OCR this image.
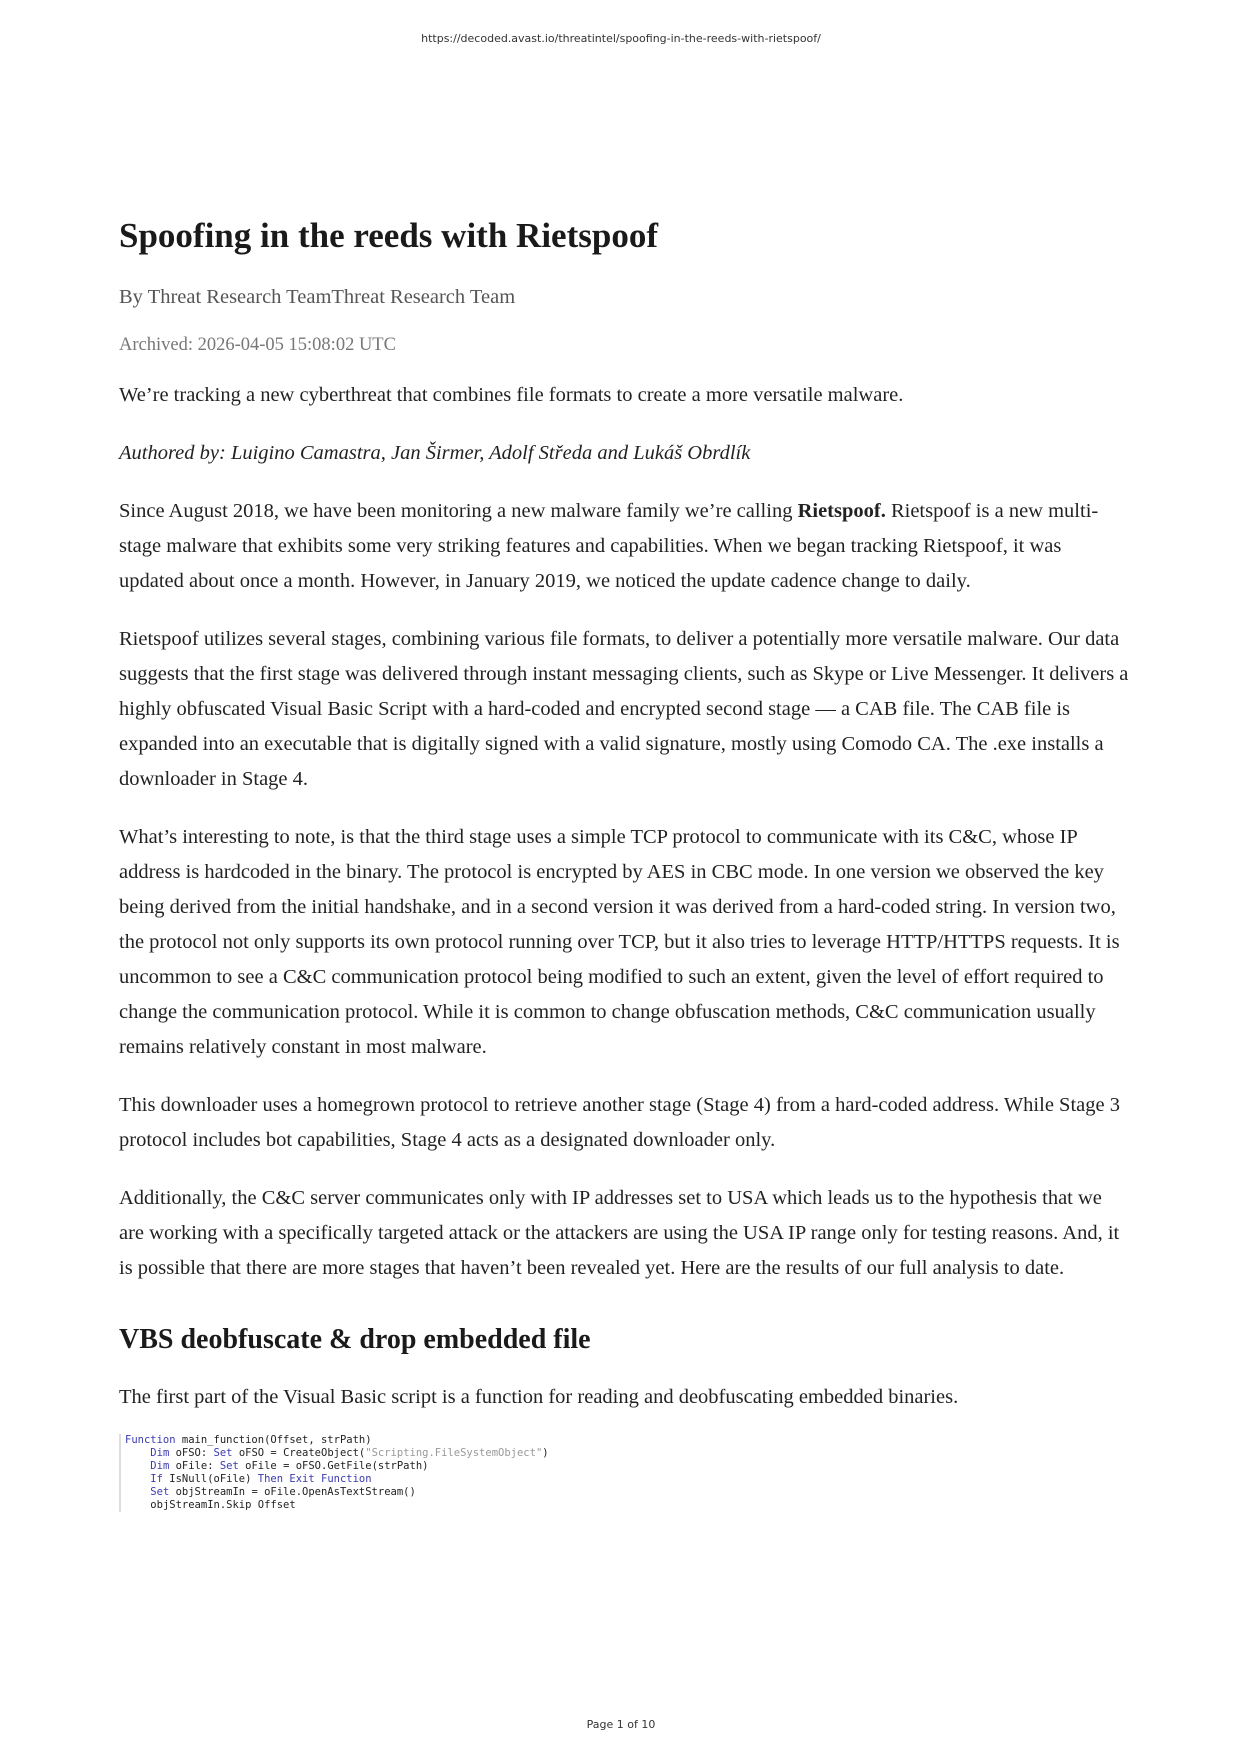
https://decoded.avast.io/threatintel/spoofing-in-the-reeds-with-rietspoof/
Spoofing in the reeds with Rietspoof
By Threat Research TeamThreat Research Team
Archived: 2026-04-05 15:08:02 UTC

We’re tracking a new cyberthreat that combines file formats to create a more versatile malware.

Authored by: Luigino Camastra, Jan Širmer, Adolf Středa and Lukáš Obrdlík

Since August 2018, we have been monitoring a new malware family we’re calling Rietspoof. Rietspoof is a new multi-stage malware that exhibits some very striking features and capabilities. When we began tracking Rietspoof, it was updated about once a month. However, in January 2019, we noticed the update cadence change to daily.

Rietspoof utilizes several stages, combining various file formats, to deliver a potentially more versatile malware. Our data suggests that the first stage was delivered through instant messaging clients, such as Skype or Live Messenger. It delivers a highly obfuscated Visual Basic Script with a hard-coded and encrypted second stage — a CAB file. The CAB file is expanded into an executable that is digitally signed with a valid signature, mostly using Comodo CA. The .exe installs a downloader in Stage 4.

What’s interesting to note, is that the third stage uses a simple TCP protocol to communicate with its C&C, whose IP address is hardcoded in the binary. The protocol is encrypted by AES in CBC mode. In one version we observed the key being derived from the initial handshake, and in a second version it was derived from a hard-coded string. In version two, the protocol not only supports its own protocol running over TCP, but it also tries to leverage HTTP/HTTPS requests. It is uncommon to see a C&C communication protocol being modified to such an extent, given the level of effort required to change the communication protocol. While it is common to change obfuscation methods, C&C communication usually remains relatively constant in most malware.

This downloader uses a homegrown protocol to retrieve another stage (Stage 4) from a hard-coded address. While Stage 3 protocol includes bot capabilities, Stage 4 acts as a designated downloader only.

Additionally, the C&C server communicates only with IP addresses set to USA which leads us to the hypothesis that we are working with a specifically targeted attack or the attackers are using the USA IP range only for testing reasons. And, it is possible that there are more stages that haven’t been revealed yet. Here are the results of our full analysis to date.

VBS deobfuscate & drop embedded file

The first part of the Visual Basic script is a function for reading and deobfuscating embedded binaries.

Function main_function(Offset, strPath)
Dim oFSO: Set oFSO = CreateObject("Scripting.FileSystemObject")
Dim oFile: Set oFile = oFSO.GetFile(strPath)
If IsNull(oFile) Then Exit Function
Set objStreamIn = oFile.OpenAsTextStream()
objStreamIn.Skip Offset
Page 1 of 10
